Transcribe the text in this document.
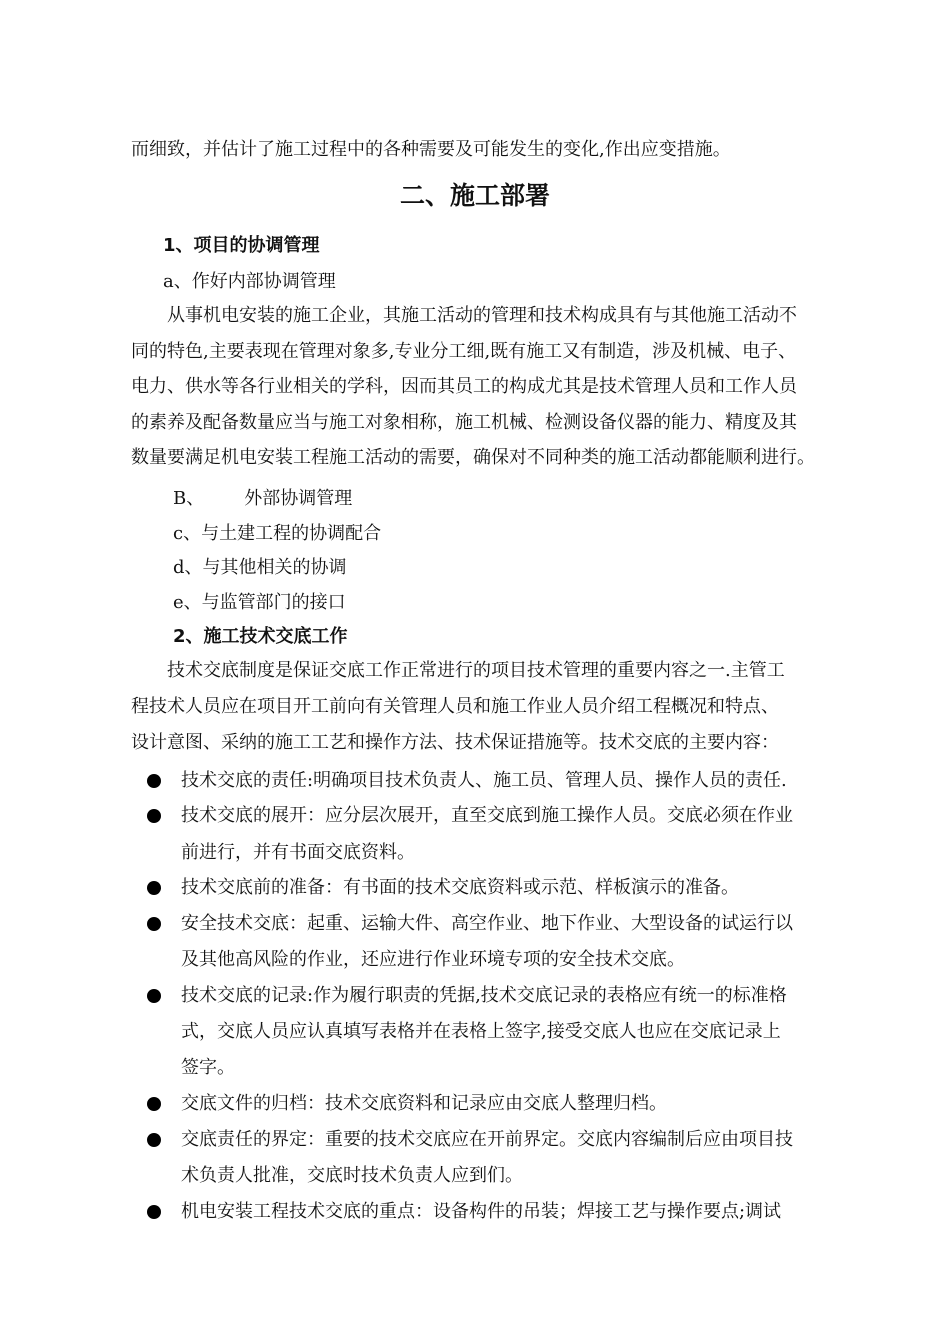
而细致，并估计了施工过程中的各种需要及可能发生的变化,作出应变措施。
二、施工部署
1、项目的协调管理
a、作好内部协调管理
从事机电安装的施工企业，其施工活动的管理和技术构成具有与其他施工活动不
同的特色,主要表现在管理对象多,专业分工细,既有施工又有制造，涉及机械、电子、
电力、供水等各行业相关的学科，因而其员工的构成尤其是技术管理人员和工作人员
的素养及配备数量应当与施工对象相称，施工机械、检测设备仪器的能力、精度及其
数量要满足机电安装工程施工活动的需要，确保对不同种类的施工活动都能顺利进行。
B、 外部协调管理
c、与土建工程的协调配合
d、与其他相关的协调
e、与监管部门的接口
2、施工技术交底工作
技术交底制度是保证交底工作正常进行的项目技术管理的重要内容之一.主管工
程技术人员应在项目开工前向有关管理人员和施工作业人员介绍工程概况和特点、
设计意图、采纳的施工工艺和操作方法、技术保证措施等。技术交底的主要内容：
技术交底的责任:明确项目技术负责人、施工员、管理人员、操作人员的责任.
技术交底的展开：应分层次展开，直至交底到施工操作人员。交底必须在作业
前进行，并有书面交底资料。
技术交底前的准备：有书面的技术交底资料或示范、样板演示的准备。
安全技术交底：起重、运输大件、高空作业、地下作业、大型设备的试运行以
及其他高风险的作业，还应进行作业环境专项的安全技术交底。
技术交底的记录:作为履行职责的凭据,技术交底记录的表格应有统一的标准格
式，交底人员应认真填写表格并在表格上签字,接受交底人也应在交底记录上
签字。
交底文件的归档：技术交底资料和记录应由交底人整理归档。
交底责任的界定：重要的技术交底应在开前界定。交底内容编制后应由项目技
术负责人批准，交底时技术负责人应到们。
机电安装工程技术交底的重点：设备构件的吊装；焊接工艺与操作要点;调试
